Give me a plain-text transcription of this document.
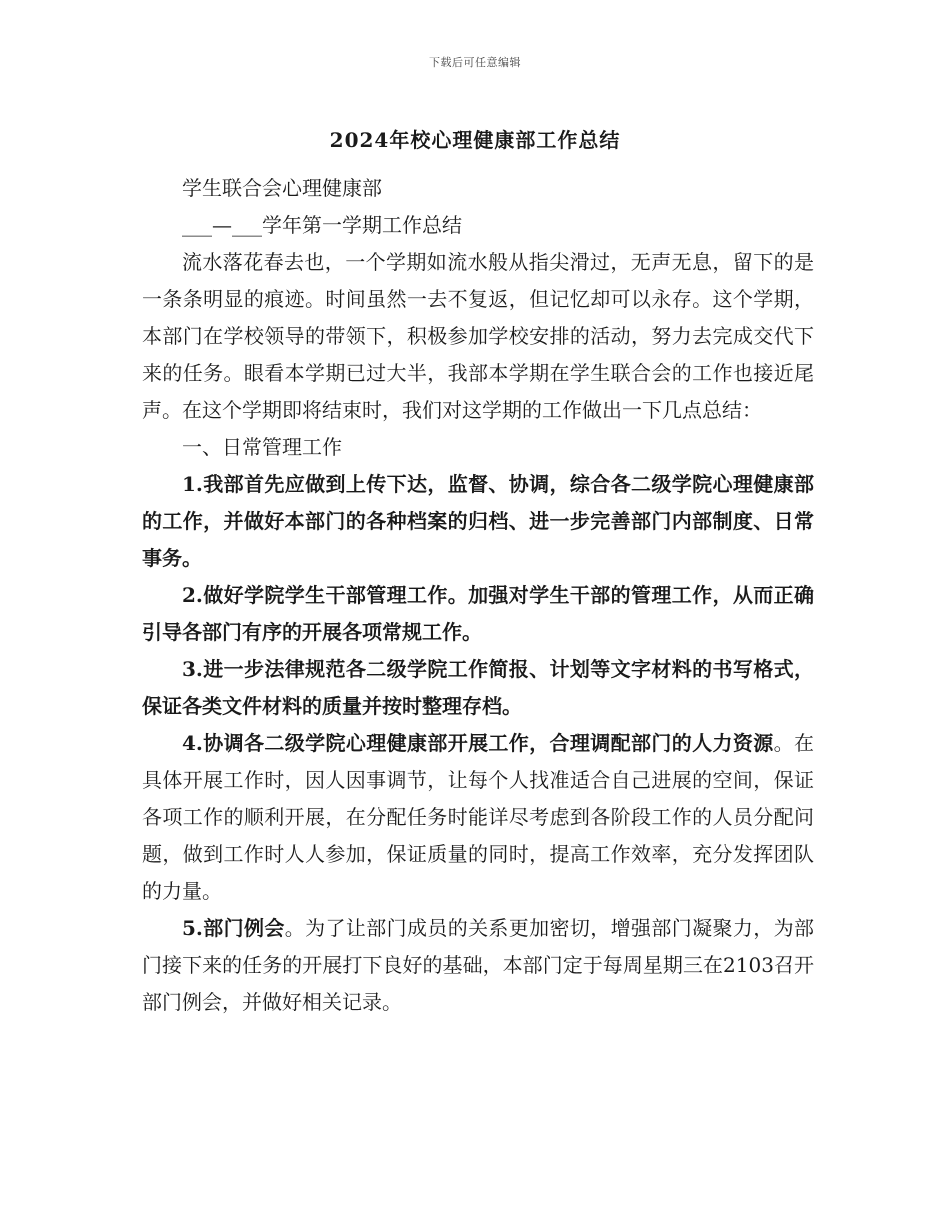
下载后可任意编辑
2024年校心理健康部工作总结

学生联合会心理健康部

___—___学年第一学期工作总结

流水落花春去也，一个学期如流水般从指尖滑过，无声无息，留下的是一条条明显的痕迹。时间虽然一去不复返，但记忆却可以永存。这个学期，本部门在学校领导的带领下，积极参加学校安排的活动，努力去完成交代下来的任务。眼看本学期已过大半，我部本学期在学生联合会的工作也接近尾声。在这个学期即将结束时，我们对这学期的工作做出一下几点总结：

一、日常管理工作

1.我部首先应做到上传下达，监督、协调，综合各二级学院心理健康部的工作，并做好本部门的各种档案的归档、进一步完善部门内部制度、日常事务。

2.做好学院学生干部管理工作。加强对学生干部的管理工作，从而正确引导各部门有序的开展各项常规工作。

3.进一步法律规范各二级学院工作简报、计划等文字材料的书写格式，保证各类文件材料的质量并按时整理存档。

4.协调各二级学院心理健康部开展工作，合理调配部门的人力资源。在具体开展工作时，因人因事调节，让每个人找准适合自己进展的空间，保证各项工作的顺利开展，在分配任务时能详尽考虑到各阶段工作的人员分配问题，做到工作时人人参加，保证质量的同时，提高工作效率，充分发挥团队的力量。

5.部门例会。为了让部门成员的关系更加密切，增强部门凝聚力，为部门接下来的任务的开展打下良好的基础，本部门定于每周星期三在2103召开部门例会，并做好相关记录。
